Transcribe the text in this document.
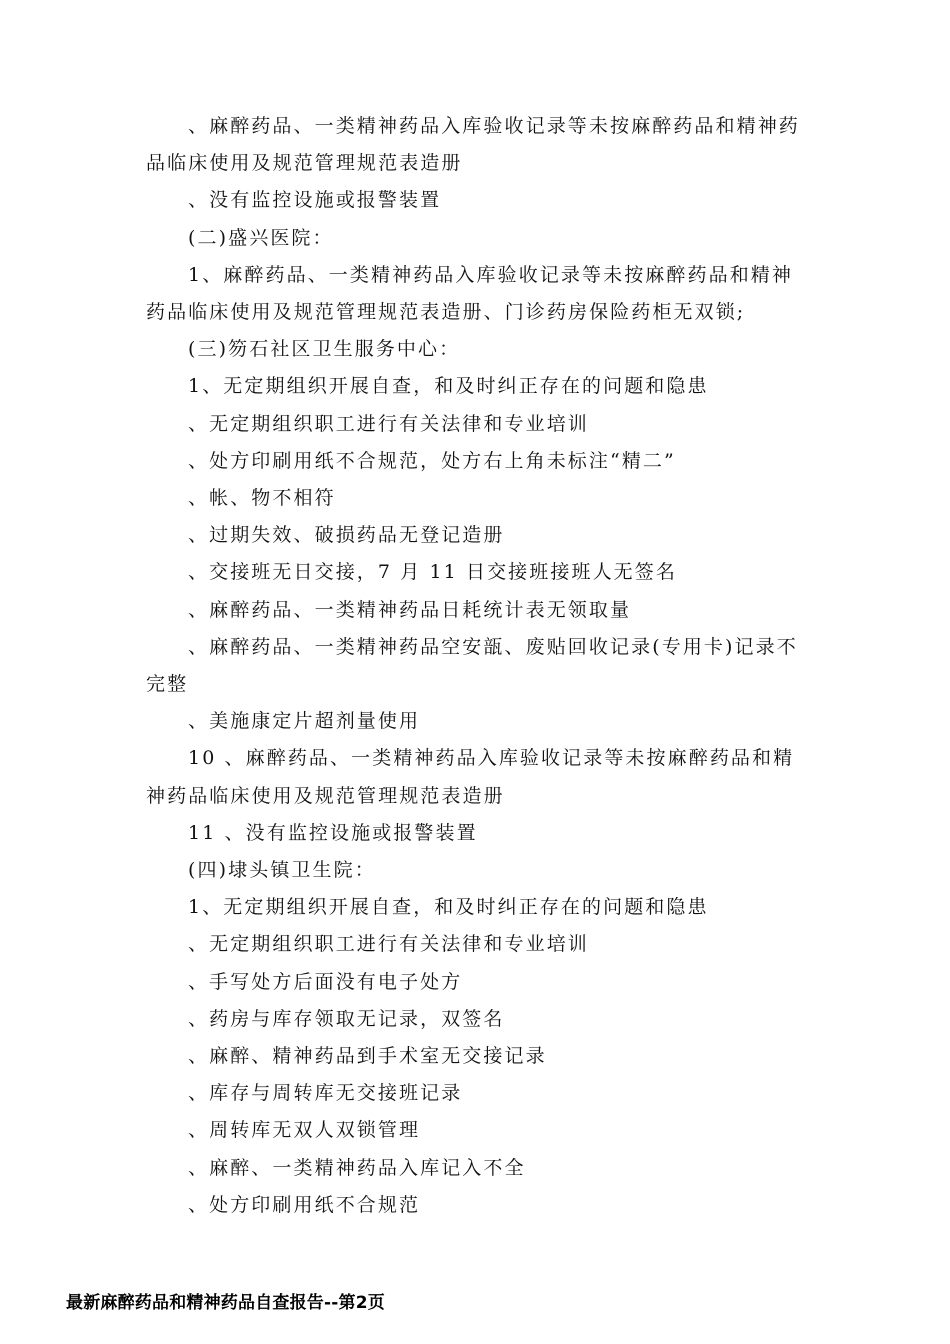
、麻醉药品、一类精神药品入库验收记录等未按麻醉药品和精神药品临床使用及规范管理规范表造册

、没有监控设施或报警装置

(二)盛兴医院：

1、麻醉药品、一类精神药品入库验收记录等未按麻醉药品和精神药品临床使用及规范管理规范表造册、门诊药房保险药柜无双锁;

(三)笏石社区卫生服务中心：

1、无定期组织开展自查，和及时纠正存在的问题和隐患

、无定期组织职工进行有关法律和专业培训

、处方印刷用纸不合规范，处方右上角未标注“精二”

、帐、物不相符

、过期失效、破损药品无登记造册

、交接班无日交接，7 月 11 日交接班接班人无签名

、麻醉药品、一类精神药品日耗统计表无领取量

、麻醉药品、一类精神药品空安瓿、废贴回收记录(专用卡)记录不完整

、美施康定片超剂量使用

10 、麻醉药品、一类精神药品入库验收记录等未按麻醉药品和精神药品临床使用及规范管理规范表造册

11 、没有监控设施或报警装置

(四)埭头镇卫生院：

1、无定期组织开展自查，和及时纠正存在的问题和隐患

、无定期组织职工进行有关法律和专业培训

、手写处方后面没有电子处方

、药房与库存领取无记录，双签名

、麻醉、精神药品到手术室无交接记录

、库存与周转库无交接班记录

、周转库无双人双锁管理

、麻醉、一类精神药品入库记入不全

、处方印刷用纸不合规范

最新麻醉药品和精神药品自查报告--第2页
